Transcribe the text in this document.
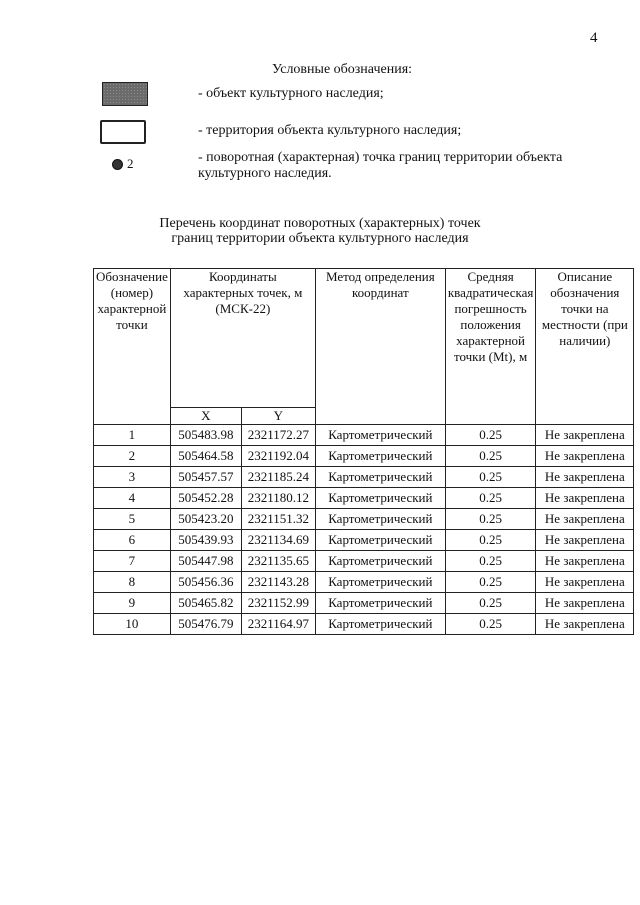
4
Условные обозначения:
- объект культурного наследия;
- территория объекта культурного наследия;
2	- поворотная (характерная) точка границ территории объекта культурного наследия.
Перечень координат поворотных (характерных) точек
границ территории объекта культурного наследия
Обозначение (номер) характерной точки	Координаты характерных точек, м (МСК-22)		Метод определения координат	Средняя квадратическая погрешность положения характерной точки (Mt), м	Описание обозначения точки на местности (при наличии)
	X	Y			
1	505483.98	2321172.27	Картометрический	0.25	Не закреплена
2	505464.58	2321192.04	Картометрический	0.25	Не закреплена
3	505457.57	2321185.24	Картометрический	0.25	Не закреплена
4	505452.28	2321180.12	Картометрический	0.25	Не закреплена
5	505423.20	2321151.32	Картометрический	0.25	Не закреплена
6	505439.93	2321134.69	Картометрический	0.25	Не закреплена
7	505447.98	2321135.65	Картометрический	0.25	Не закреплена
8	505456.36	2321143.28	Картометрический	0.25	Не закреплена
9	505465.82	2321152.99	Картометрический	0.25	Не закреплена
10	505476.79	2321164.97	Картометрический	0.25	Не закреплена
